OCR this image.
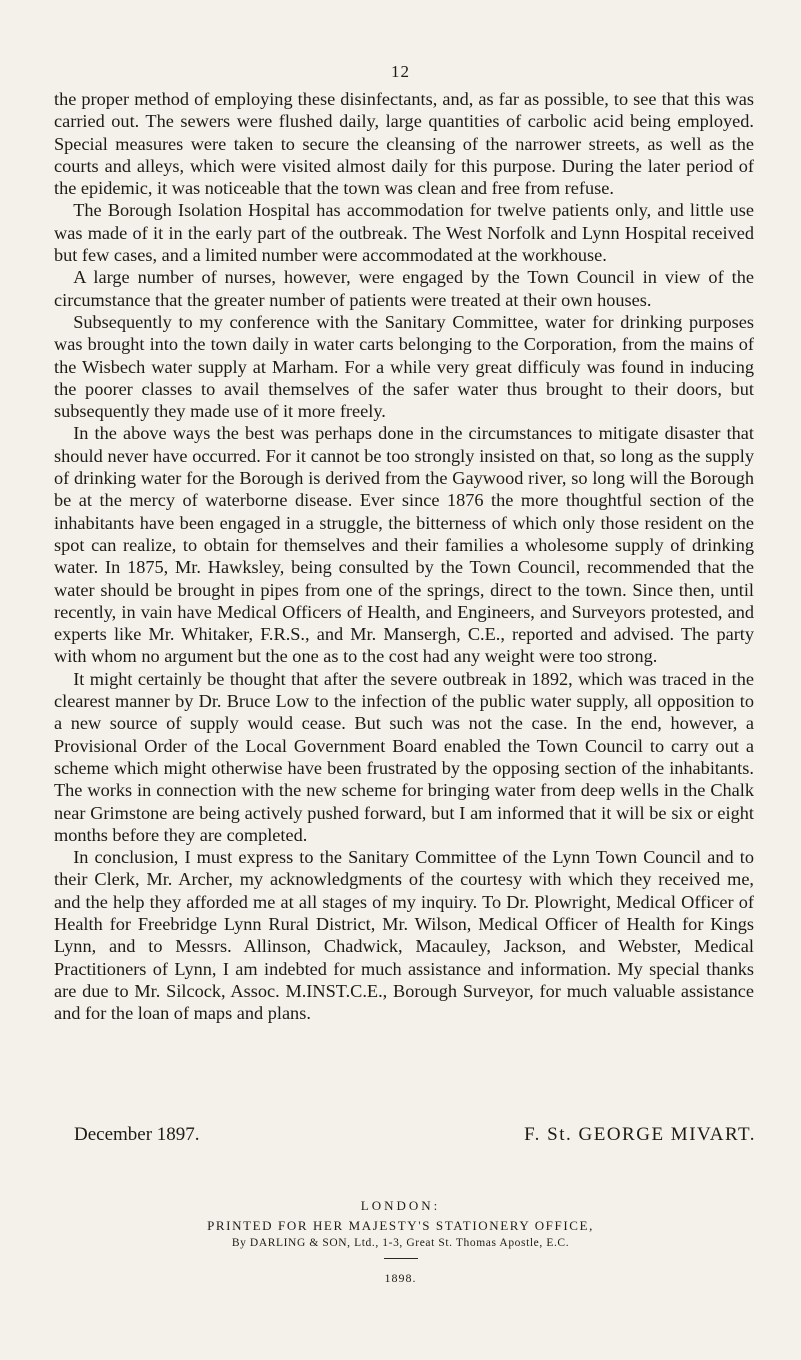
12

the proper method of employing these disinfectants, and, as far as possible, to see that this was carried out. The sewers were flushed daily, large quantities of carbolic acid being employed. Special measures were taken to secure the cleansing of the narrower streets, as well as the courts and alleys, which were visited almost daily for this purpose. During the later period of the epidemic, it was noticeable that the town was clean and free from refuse.

The Borough Isolation Hospital has accommodation for twelve patients only, and little use was made of it in the early part of the outbreak. The West Norfolk and Lynn Hospital received but few cases, and a limited number were accommodated at the workhouse.

A large number of nurses, however, were engaged by the Town Council in view of the circumstance that the greater number of patients were treated at their own houses.

Subsequently to my conference with the Sanitary Committee, water for drinking purposes was brought into the town daily in water carts belonging to the Corporation, from the mains of the Wisbech water supply at Marham. For a while very great difficuly was found in inducing the poorer classes to avail themselves of the safer water thus brought to their doors, but subsequently they made use of it more freely.

In the above ways the best was perhaps done in the circumstances to mitigate disaster that should never have occurred. For it cannot be too strongly insisted on that, so long as the supply of drinking water for the Borough is derived from the Gaywood river, so long will the Borough be at the mercy of waterborne disease. Ever since 1876 the more thoughtful section of the inhabitants have been engaged in a struggle, the bitterness of which only those resident on the spot can realize, to obtain for themselves and their families a wholesome supply of drinking water. In 1875, Mr. Hawksley, being consulted by the Town Council, recommended that the water should be brought in pipes from one of the springs, direct to the town. Since then, until recently, in vain have Medical Officers of Health, and Engineers, and Surveyors protested, and experts like Mr. Whitaker, F.R.S., and Mr. Mansergh, C.E., reported and advised. The party with whom no argument but the one as to the cost had any weight were too strong.

It might certainly be thought that after the severe outbreak in 1892, which was traced in the clearest manner by Dr. Bruce Low to the infection of the public water supply, all opposition to a new source of supply would cease. But such was not the case. In the end, however, a Provisional Order of the Local Government Board enabled the Town Council to carry out a scheme which might otherwise have been frustrated by the opposing section of the inhabitants. The works in connection with the new scheme for bringing water from deep wells in the Chalk near Grimstone are being actively pushed forward, but I am informed that it will be six or eight months before they are completed.

In conclusion, I must express to the Sanitary Committee of the Lynn Town Council and to their Clerk, Mr. Archer, my acknowledgments of the courtesy with which they received me, and the help they afforded me at all stages of my inquiry. To Dr. Plowright, Medical Officer of Health for Freebridge Lynn Rural District, Mr. Wilson, Medical Officer of Health for Kings Lynn, and to Messrs. Allinson, Chadwick, Macauley, Jackson, and Webster, Medical Practitioners of Lynn, I am indebted for much assistance and information. My special thanks are due to Mr. Silcock, Assoc. M.INST.C.E., Borough Surveyor, for much valuable assistance and for the loan of maps and plans.

December 1897.	F. St. GEORGE MIVART.
LONDON:
PRINTED FOR HER MAJESTY'S STATIONERY OFFICE,
By DARLING & SON, Ltd., 1-3, Great St. Thomas Apostle, E.C.
1898.
